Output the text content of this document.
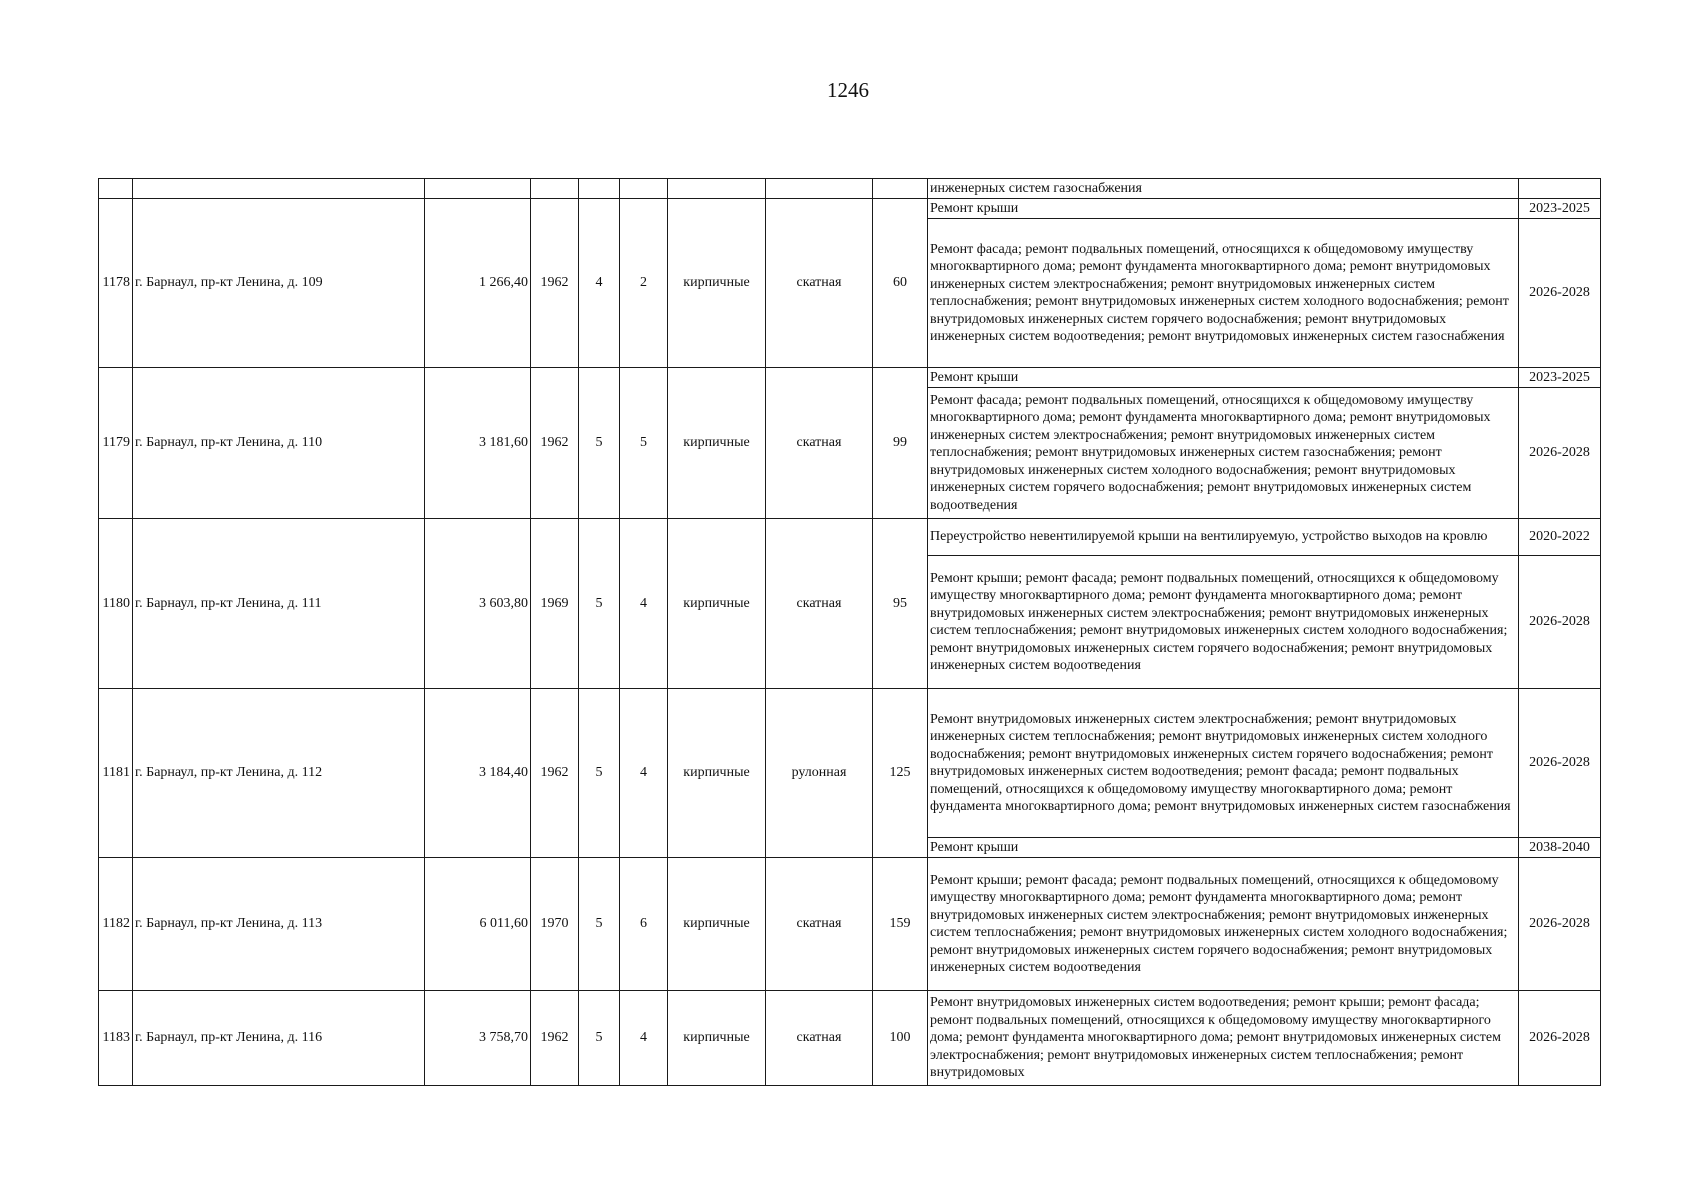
1246
									инженерных систем газоснабжения	
1178	г. Барнаул, пр-кт Ленина, д. 109	1 266,40	1962	4	2	кирпичные	скатная	60	Ремонт крыши	2023-2025
									Ремонт фасада; ремонт подвальных помещений, относящихся к общедомовому имуществу многоквартирного дома; ремонт фундамента многоквартирного дома; ремонт внутридомовых инженерных систем электроснабжения; ремонт внутридомовых инженерных систем теплоснабжения; ремонт внутридомовых инженерных систем холодного водоснабжения; ремонт внутридомовых инженерных систем горячего водоснабжения; ремонт внутридомовых инженерных систем водоотведения; ремонт внутридомовых инженерных систем газоснабжения	2026-2028
1179	г. Барнаул, пр-кт Ленина, д. 110	3 181,60	1962	5	5	кирпичные	скатная	99	Ремонт крыши	2023-2025
									Ремонт фасада; ремонт подвальных помещений, относящихся к общедомовому имуществу многоквартирного дома; ремонт фундамента многоквартирного дома; ремонт внутридомовых инженерных систем электроснабжения; ремонт внутридомовых инженерных систем теплоснабжения; ремонт внутридомовых инженерных систем газоснабжения; ремонт внутридомовых инженерных систем холодного водоснабжения; ремонт внутридомовых инженерных систем горячего водоснабжения; ремонт внутридомовых инженерных систем водоотведения	2026-2028
1180	г. Барнаул, пр-кт Ленина, д. 111	3 603,80	1969	5	4	кирпичные	скатная	95	Переустройство невентилируемой крыши на вентилируемую, устройство выходов на кровлю	2020-2022
									Ремонт крыши; ремонт фасада; ремонт подвальных помещений, относящихся к общедомовому имуществу многоквартирного дома; ремонт фундамента многоквартирного дома; ремонт внутридомовых инженерных систем электроснабжения; ремонт внутридомовых инженерных систем теплоснабжения; ремонт внутридомовых инженерных систем холодного водоснабжения; ремонт внутридомовых инженерных систем горячего водоснабжения; ремонт внутридомовых инженерных систем водоотведения	2026-2028
1181	г. Барнаул, пр-кт Ленина, д. 112	3 184,40	1962	5	4	кирпичные	рулонная	125	Ремонт внутридомовых инженерных систем электроснабжения; ремонт внутридомовых инженерных систем теплоснабжения; ремонт внутридомовых инженерных систем холодного водоснабжения; ремонт внутридомовых инженерных систем горячего водоснабжения; ремонт внутридомовых инженерных систем водоотведения; ремонт фасада; ремонт подвальных помещений, относящихся к общедомовому имуществу многоквартирного дома; ремонт фундамента многоквартирного дома; ремонт внутридомовых инженерных систем газоснабжения	2026-2028
									Ремонт крыши	2038-2040
1182	г. Барнаул, пр-кт Ленина, д. 113	6 011,60	1970	5	6	кирпичные	скатная	159	Ремонт крыши; ремонт фасада; ремонт подвальных помещений, относящихся к общедомовому имуществу многоквартирного дома; ремонт фундамента многоквартирного дома; ремонт внутридомовых инженерных систем электроснабжения; ремонт внутридомовых инженерных систем теплоснабжения; ремонт внутридомовых инженерных систем холодного водоснабжения; ремонт внутридомовых инженерных систем горячего водоснабжения; ремонт внутридомовых инженерных систем водоотведения	2026-2028
1183	г. Барнаул, пр-кт Ленина, д. 116	3 758,70	1962	5	4	кирпичные	скатная	100	Ремонт внутридомовых инженерных систем водоотведения; ремонт крыши; ремонт фасада; ремонт подвальных помещений, относящихся к общедомовому имуществу многоквартирного дома; ремонт фундамента многоквартирного дома; ремонт внутридомовых инженерных систем электроснабжения; ремонт внутридомовых инженерных систем теплоснабжения; ремонт внутридомовых	2026-2028
